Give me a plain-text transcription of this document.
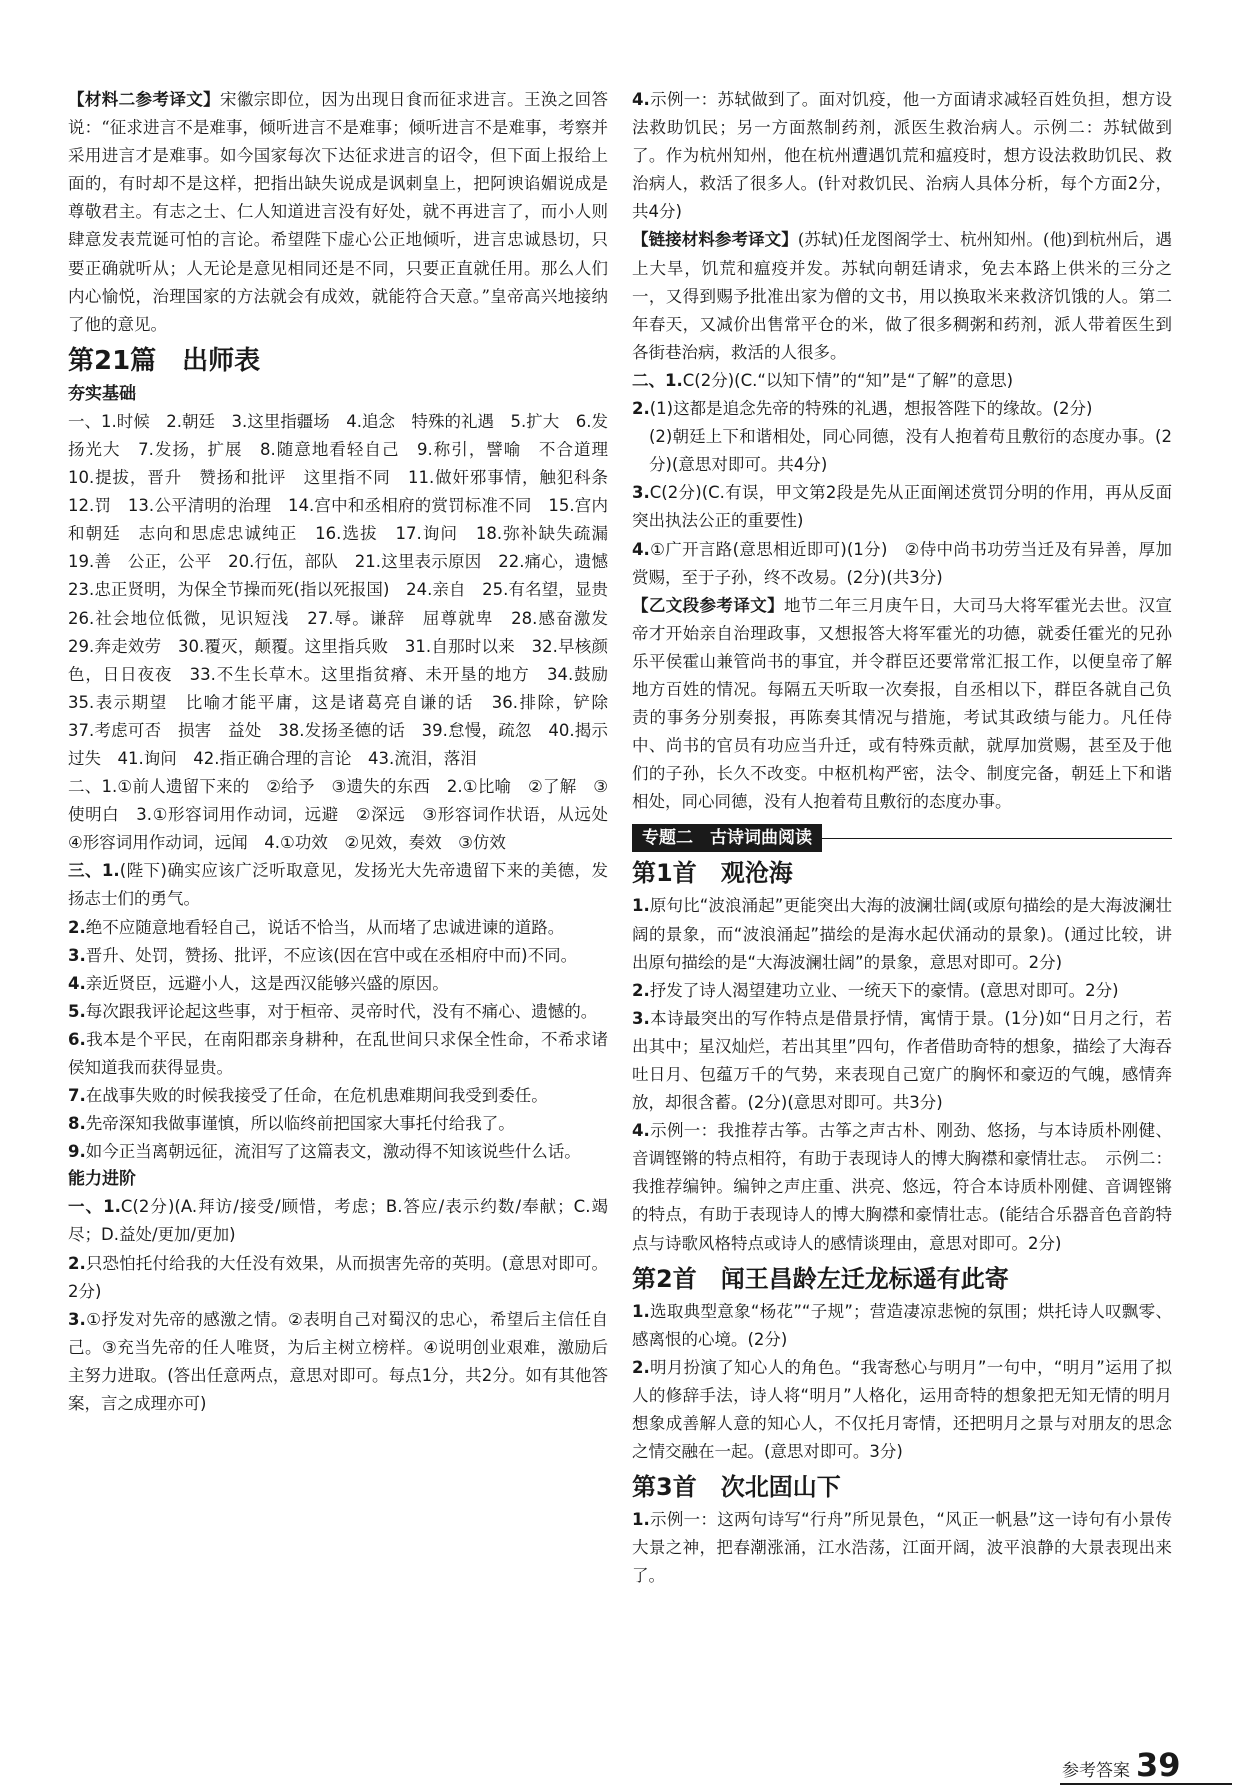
【材料二参考译文】宋徽宗即位，因为出现日食而征求进言。王涣之回答说：“征求进言不是难事，倾听进言不是难事；倾听进言不是难事，考察并采用进言才是难事。如今国家每次下达征求进言的诏令，但下面上报给上面的，有时却不是这样，把指出缺失说成是讽刺皇上，把阿谀谄媚说成是尊敬君主。有志之士、仁人知道进言没有好处，就不再进言了，而小人则肆意发表荒诞可怕的言论。希望陛下虚心公正地倾听，进言忠诚恳切，只要正确就听从；人无论是意见相同还是不同，只要正直就任用。那么人们内心愉悦，治理国家的方法就会有成效，就能符合天意。”皇帝高兴地接纳了他的意见。

第21篇　出师表
夯实基础

一、1.时候　2.朝廷　3.这里指疆场　4.追念　特殊的礼遇　5.扩大　6.发扬光大　7.发扬，扩展　8.随意地看轻自己　9.称引，譬喻　不合道理　10.提拔，晋升　赞扬和批评　这里指不同　11.做奸邪事情，触犯科条　12.罚　13.公平清明的治理　14.宫中和丞相府的赏罚标准不同　15.宫内和朝廷　志向和思虑忠诚纯正　16.选拔　17.询问　18.弥补缺失疏漏　19.善　公正，公平　20.行伍，部队　21.这里表示原因　22.痛心，遗憾　23.忠正贤明，为保全节操而死(指以死报国)　24.亲自　25.有名望，显贵　26.社会地位低微，见识短浅　27.辱。谦辞　屈尊就卑　28.感奋激发　29.奔走效劳　30.覆灭，颠覆。这里指兵败　31.自那时以来　32.早核颜色，日日夜夜　33.不生长草木。这里指贫瘠、未开垦的地方　34.鼓励　35.表示期望　比喻才能平庸，这是诸葛亮自谦的话　36.排除，铲除　37.考虑可否　损害　益处　38.发扬圣德的话　39.怠慢，疏忽　40.揭示　过失　41.询问　42.指正确合理的言论　43.流泪，落泪

二、1.①前人遗留下来的　②给予　③遗失的东西　2.①比喻　②了解　③使明白　3.①形容词用作动词，远避　②深远　③形容词作状语，从远处　④形容词用作动词，远闻　4.①功效　②见效，奏效　③仿效

三、1.(陛下)确实应该广泛听取意见，发扬光大先帝遗留下来的美德，发扬志士们的勇气。

2.绝不应随意地看轻自己，说话不恰当，从而堵了忠诚进谏的道路。

3.晋升、处罚，赞扬、批评，不应该(因在宫中或在丞相府中而)不同。

4.亲近贤臣，远避小人，这是西汉能够兴盛的原因。

5.每次跟我评论起这些事，对于桓帝、灵帝时代，没有不痛心、遗憾的。

6.我本是个平民，在南阳郡亲身耕种，在乱世间只求保全性命，不希求诸侯知道我而获得显贵。

7.在战事失败的时候我接受了任命，在危机患难期间我受到委任。

8.先帝深知我做事谨慎，所以临终前把国家大事托付给我了。

9.如今正当离朝远征，流泪写了这篇表文，激动得不知该说些什么话。

能力进阶

一、1.C(2分)(A.拜访/接受/顾惜，考虑；B.答应/表示约数/奉献；C.竭尽；D.益处/更加/更加)

2.只恐怕托付给我的大任没有效果，从而损害先帝的英明。(意思对即可。2分)

3.①抒发对先帝的感激之情。②表明自己对蜀汉的忠心，希望后主信任自己。③充当先帝的任人唯贤，为后主树立榜样。④说明创业艰难，激励后主努力进取。(答出任意两点，意思对即可。每点1分，共2分。如有其他答案，言之成理亦可)

4.示例一：苏轼做到了。面对饥疫，他一方面请求减轻百姓负担，想方设法救助饥民；另一方面熬制药剂，派医生救治病人。示例二：苏轼做到了。作为杭州知州，他在杭州遭遇饥荒和瘟疫时，想方设法救助饥民、救治病人，救活了很多人。(针对救饥民、治病人具体分析，每个方面2分，共4分)

【链接材料参考译文】(苏轼)任龙图阁学士、杭州知州。(他)到杭州后，遇上大旱，饥荒和瘟疫并发。苏轼向朝廷请求，免去本路上供米的三分之一，又得到赐予批准出家为僧的文书，用以换取米来救济饥饿的人。第二年春天，又减价出售常平仓的米，做了很多稠粥和药剂，派人带着医生到各街巷治病，救活的人很多。

二、1.C(2分)(C.“以知下情”的“知”是“了解”的意思)

2.(1)这都是追念先帝的特殊的礼遇，想报答陛下的缘故。(2分)

(2)朝廷上下和谐相处，同心同德，没有人抱着苟且敷衍的态度办事。(2分)(意思对即可。共4分)

3.C(2分)(C.有误，甲文第2段是先从正面阐述赏罚分明的作用，再从反面突出执法公正的重要性)

4.①广开言路(意思相近即可)(1分)　②侍中尚书功劳当迁及有异善，厚加赏赐，至于子孙，终不改易。(2分)(共3分)

【乙文段参考译文】地节二年三月庚午日，大司马大将军霍光去世。汉宣帝才开始亲自治理政事，又想报答大将军霍光的功德，就委任霍光的兄孙乐平侯霍山兼管尚书的事宜，并令群臣还要常常汇报工作，以便皇帝了解地方百姓的情况。每隔五天听取一次奏报，自丞相以下，群臣各就自己负责的事务分别奏报，再陈奏其情况与措施，考试其政绩与能力。凡任侍中、尚书的官员有功应当升迁，或有特殊贡献，就厚加赏赐，甚至及于他们的子孙，长久不改变。中枢机构严密，法令、制度完备，朝廷上下和谐相处，同心同德，没有人抱着苟且敷衍的态度办事。

专题二　古诗词曲阅读
第1首　观沧海

1.原句比“波浪涌起”更能突出大海的波澜壮阔(或原句描绘的是大海波澜壮阔的景象，而“波浪涌起”描绘的是海水起伏涌动的景象)。(通过比较，讲出原句描绘的是“大海波澜壮阔”的景象，意思对即可。2分)

2.抒发了诗人渴望建功立业、一统天下的豪情。(意思对即可。2分)

3.本诗最突出的写作特点是借景抒情，寓情于景。(1分)如“日月之行，若出其中；星汉灿烂，若出其里”四句，作者借助奇特的想象，描绘了大海吞吐日月、包蕴万千的气势，来表现自己宽广的胸怀和豪迈的气魄，感情奔放，却很含蓄。(2分)(意思对即可。共3分)

4.示例一：我推荐古筝。古筝之声古朴、刚劲、悠扬，与本诗质朴刚健、音调铿锵的特点相符，有助于表现诗人的博大胸襟和豪情壮志。　示例二：我推荐编钟。编钟之声庄重、洪亮、悠远，符合本诗质朴刚健、音调铿锵的特点，有助于表现诗人的博大胸襟和豪情壮志。(能结合乐器音色音韵特点与诗歌风格特点或诗人的感情谈理由，意思对即可。2分)

第2首　闻王昌龄左迁龙标遥有此寄

1.选取典型意象“杨花”“子规”；营造凄凉悲惋的氛围；烘托诗人叹飘零、感离恨的心境。(2分)

2.明月扮演了知心人的角色。“我寄愁心与明月”一句中，“明月”运用了拟人的修辞手法，诗人将“明月”人格化，运用奇特的想象把无知无情的明月想象成善解人意的知心人，不仅托月寄情，还把明月之景与对朋友的思念之情交融在一起。(意思对即可。3分)

第3首　次北固山下

1.示例一：这两句诗写“行舟”所见景色，“风正一帆悬”这一诗句有小景传大景之神，把春潮涨涌，江水浩荡，江面开阔，波平浪静的大景表现出来了。

参考答案 39
